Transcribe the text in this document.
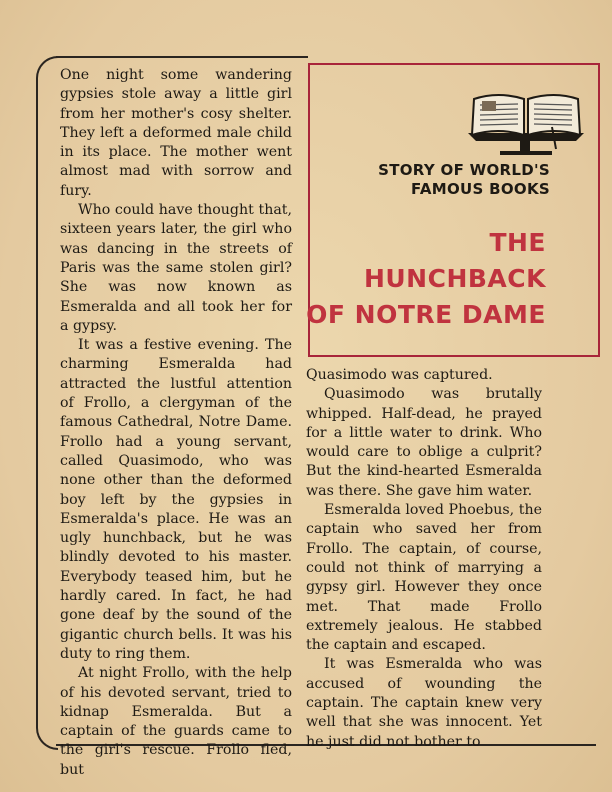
One night some wandering gypsies stole away a little girl from her mother's cosy shelter. They left a deformed male child in its place. The mother went almost mad with sorrow and fury.

Who could have thought that, sixteen years later, the girl who was dancing in the streets of Paris was the same stolen girl? She was now known as Esmeralda and all took her for a gypsy.

It was a festive evening. The charming Esmeralda had attracted the lustful attention of Frollo, a clergyman of the famous Cathedral, Notre Dame. Frollo had a young servant, called Quasimodo, who was none other than the deformed boy left by the gypsies in Esmeralda's place. He was an ugly hunchback, but he was blindly devoted to his master. Everybody teased him, but he hardly cared. In fact, he had gone deaf by the sound of the gigantic church bells. It was his duty to ring them.

At night Frollo, with the help of his devoted servant, tried to kidnap Esmeralda. But a captain of the guards came to the girl's rescue. Frollo fled, but

STORY OF WORLD'S
FAMOUS BOOKS
THE
HUNCHBACK
OF NOTRE DAME

Quasimodo was captured.

Quasimodo was brutally whipped. Half-dead, he prayed for a little water to drink. Who would care to oblige a culprit? But the kind-hearted Esmeralda was there. She gave him water.

Esmeralda loved Phoebus, the captain who saved her from Frollo. The captain, of course, could not think of marrying a gypsy girl. However they once met. That made Frollo extremely jealous. He stabbed the captain and escaped.

It was Esmeralda who was accused of wounding the captain. The captain knew very well that she was innocent. Yet he just did not bother to
